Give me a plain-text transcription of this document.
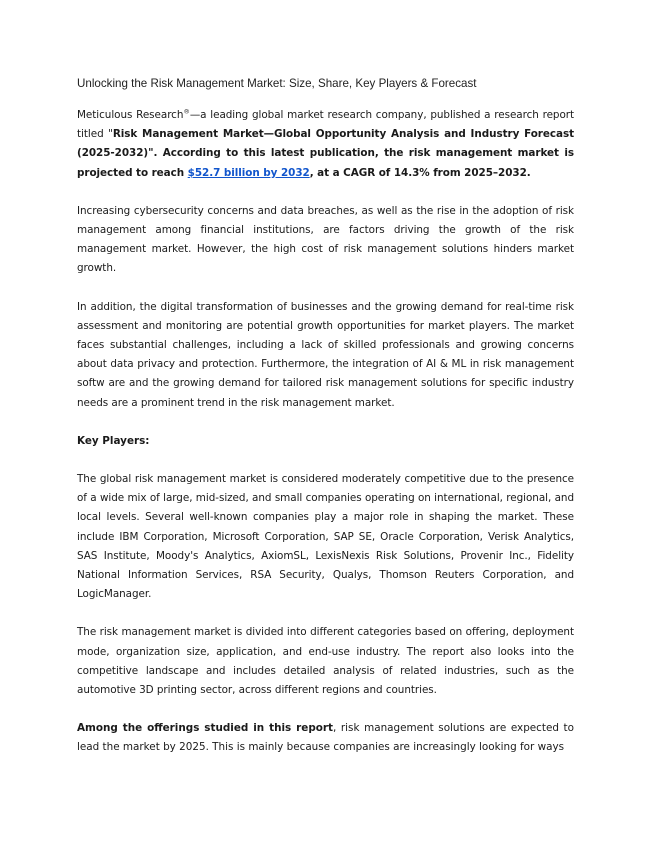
Unlocking the Risk Management Market: Size, Share, Key Players & Forecast

Meticulous Research®—a leading global market research company, published a research report titled "Risk Management Market—Global Opportunity Analysis and Industry Forecast (2025-2032)". According to this latest publication, the risk management market is projected to reach $52.7 billion by 2032, at a CAGR of 14.3% from 2025–2032.

Increasing cybersecurity concerns and data breaches, as well as the rise in the adoption of risk management among financial institutions, are factors driving the growth of the risk management market. However, the high cost of risk management solutions hinders market growth.

In addition, the digital transformation of businesses and the growing demand for real-time risk assessment and monitoring are potential growth opportunities for market players. The market faces substantial challenges, including a lack of skilled professionals and growing concerns about data privacy and protection. Furthermore, the integration of AI & ML in risk management softw are and the growing demand for tailored risk management solutions for specific industry needs are a prominent trend in the risk management market.

Key Players:

The global risk management market is considered moderately competitive due to the presence of a wide mix of large, mid-sized, and small companies operating on international, regional, and local levels. Several well-known companies play a major role in shaping the market. These include IBM Corporation, Microsoft Corporation, SAP SE, Oracle Corporation, Verisk Analytics, SAS Institute, Moody's Analytics, AxiomSL, LexisNexis Risk Solutions, Provenir Inc., Fidelity National Information Services, RSA Security, Qualys, Thomson Reuters Corporation, and LogicManager.

The risk management market is divided into different categories based on offering, deployment mode, organization size, application, and end-use industry. The report also looks into the competitive landscape and includes detailed analysis of related industries, such as the automotive 3D printing sector, across different regions and countries.

Among the offerings studied in this report, risk management solutions are expected to lead the market by 2025. This is mainly because companies are increasingly looking for ways
